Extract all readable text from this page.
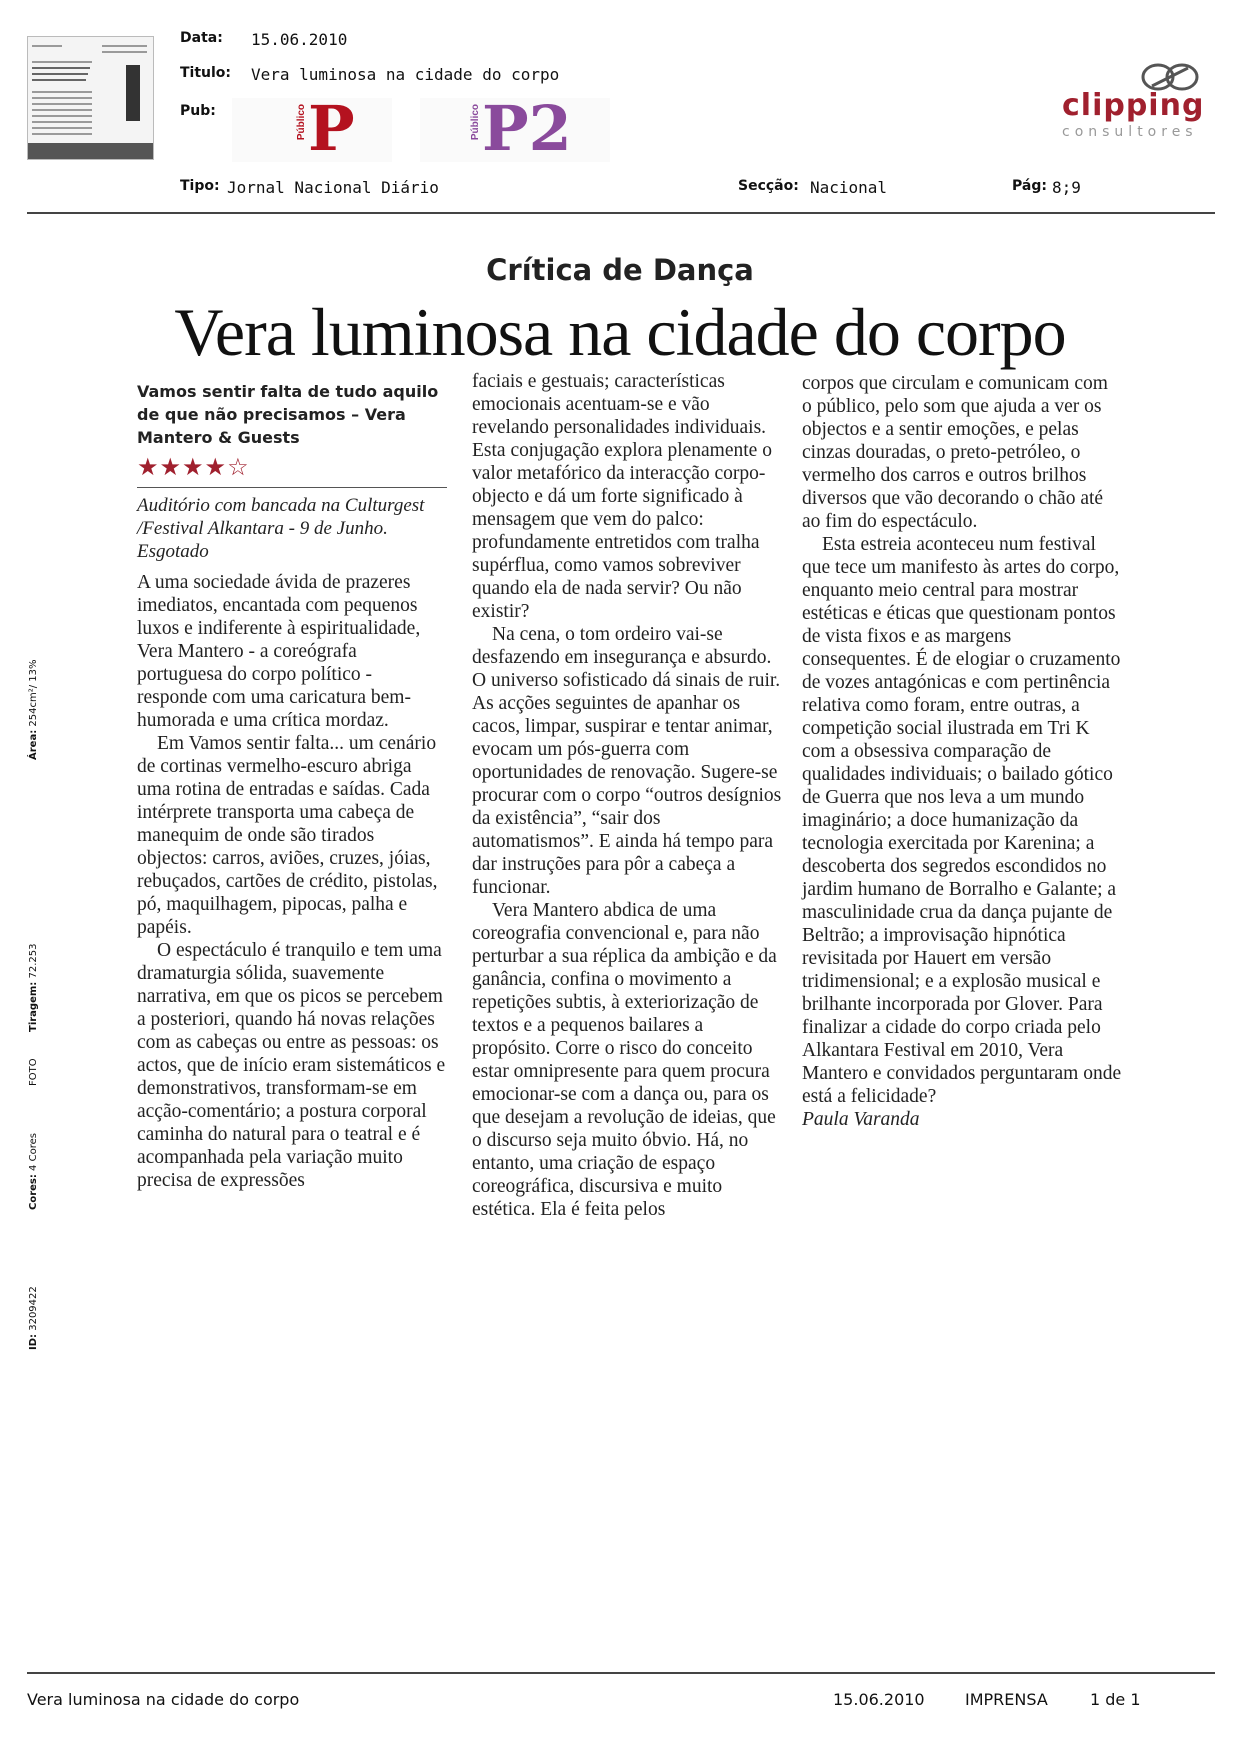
Data: 15.06.2010
Titulo: Vera luminosa na cidade do corpo
Pub:	Público P	Público P2
Tipo: Jornal Nacional Diário	Secção: Nacional	Pág: 8;9
clipping
consultores
Área: 254cm²/ 13%
Tiragem: 72.253
FOTO
Cores: 4 Cores
ID: 3209422
Crítica de Dança
Vera luminosa na cidade do corpo
Vamos sentir falta de tudo aquilo de que não precisamos – Vera Mantero & Guests
★★★★☆
Auditório com bancada na Culturgest /Festival Alkantara - 9 de Junho. Esgotado

A uma sociedade ávida de prazeres imediatos, encantada com pequenos luxos e indiferente à espiritualidade, Vera Mantero - a coreógrafa portuguesa do corpo político - responde com uma caricatura bem-humorada e uma crítica mordaz.

Em Vamos sentir falta... um cenário de cortinas vermelho-escuro abriga uma rotina de entradas e saídas. Cada intérprete transporta uma cabeça de manequim de onde são tirados objectos: carros, aviões, cruzes, jóias, rebuçados, cartões de crédito, pistolas, pó, maquilhagem, pipocas, palha e papéis.

O espectáculo é tranquilo e tem uma dramaturgia sólida, suavemente narrativa, em que os picos se percebem a posteriori, quando há novas relações com as cabeças ou entre as pessoas: os actos, que de início eram sistemáticos e demonstrativos, transformam-se em acção-comentário; a postura corporal caminha do natural para o teatral e é acompanhada pela variação muito precisa de expressões

faciais e gestuais; características emocionais acentuam-se e vão revelando personalidades individuais. Esta conjugação explora plenamente o valor metafórico da interacção corpo-objecto e dá um forte significado à mensagem que vem do palco: profundamente entretidos com tralha supérflua, como vamos sobreviver quando ela de nada servir? Ou não existir?

Na cena, o tom ordeiro vai-se desfazendo em insegurança e absurdo. O universo sofisticado dá sinais de ruir. As acções seguintes de apanhar os cacos, limpar, suspirar e tentar animar, evocam um pós-guerra com oportunidades de renovação. Sugere-se procurar com o corpo “outros desígnios da existência”, “sair dos automatismos”. E ainda há tempo para dar instruções para pôr a cabeça a funcionar.

Vera Mantero abdica de uma coreografia convencional e, para não perturbar a sua réplica da ambição e da ganância, confina o movimento a repetições subtis, à exteriorização de textos e a pequenos bailares a propósito. Corre o risco do conceito estar omnipresente para quem procura emocionar-se com a dança ou, para os que desejam a revolução de ideias, que o discurso seja muito óbvio. Há, no entanto, uma criação de espaço coreográfica, discursiva e muito estética. Ela é feita pelos

corpos que circulam e comunicam com o público, pelo som que ajuda a ver os objectos e a sentir emoções, e pelas cinzas douradas, o preto-petróleo, o vermelho dos carros e outros brilhos diversos que vão decorando o chão até ao fim do espectáculo.

Esta estreia aconteceu num festival que tece um manifesto às artes do corpo, enquanto meio central para mostrar estéticas e éticas que questionam pontos de vista fixos e as margens consequentes. É de elogiar o cruzamento de vozes antagónicas e com pertinência relativa como foram, entre outras, a competição social ilustrada em Tri K com a obsessiva comparação de qualidades individuais; o bailado gótico de Guerra que nos leva a um mundo imaginário; a doce humanização da tecnologia exercitada por Karenina; a descoberta dos segredos escondidos no jardim humano de Borralho e Galante; a masculinidade crua da dança pujante de Beltrão; a improvisação hipnótica revisitada por Hauert em versão tridimensional; e a explosão musical e brilhante incorporada por Glover. Para finalizar a cidade do corpo criada pelo Alkantara Festival em 2010, Vera Mantero e convidados perguntaram onde está a felicidade?

Paula Varanda

Vera luminosa na cidade do corpo	15.06.2010	IMPRENSA	1 de 1
